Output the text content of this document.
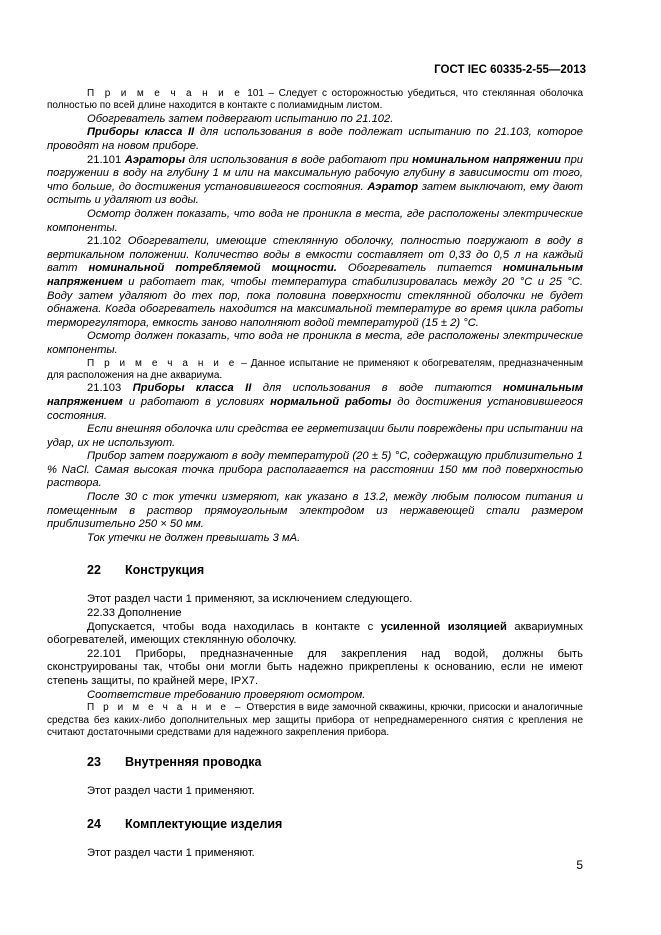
ГОСТ IEC 60335-2-55—2013

П р и м е ч а н и е 101 – Следует с осторожностью убедиться, что стеклянная оболочка полностью по всей длине находится в контакте с полиамидным листом.

Обогреватель затем подвергают испытанию по 21.102.

Приборы класса II для использования в воде подлежат испытанию по 21.103, которое проводят на новом приборе.

21.101 Аэраторы для использования в воде работают при номинальном напряжении при погружении в воду на глубину 1 м или на максимальную рабочую глубину в зависимости от того, что больше, до достижения установившегося состояния. Аэратор затем выключают, ему дают остыть и удаляют из воды.

Осмотр должен показать, что вода не проникла в места, где расположены электрические компоненты.

21.102 Обогреватели, имеющие стеклянную оболочку, полностью погружают в воду в вертикальном положении. Количество воды в емкости составляет от 0,33 до 0,5 л на каждый ватт номинальной потребляемой мощности. Обогреватель питается номинальным напряжением и работает так, чтобы температура стабилизировалась между 20 °C и 25 °C. Воду затем удаляют до тех пор, пока половина поверхности стеклянной оболочки не будет обнажена. Когда обогреватель находится на максимальной температуре во время цикла работы терморегулятора, емкость заново наполняют водой температурой (15 ± 2) °C.

Осмотр должен показать, что вода не проникла в места, где расположены электрические компоненты.

П р и м е ч а н и е – Данное испытание не применяют к обогревателям, предназначенным для расположения на дне аквариума.

21.103 Приборы класса II для использования в воде питаются номинальным напряжением и работают в условиях нормальной работы до достижения установившегося состояния.

Если внешняя оболочка или средства ее герметизации были повреждены при испытании на удар, их не используют.

Прибор затем погружают в воду температурой (20 ± 5) °C, содержащую приблизительно 1 % NaCl. Самая высокая точка прибора располагается на расстоянии 150 мм под поверхностью раствора.

После 30 с ток утечки измеряют, как указано в 13.2, между любым полюсом питания и помещенным в раствор прямоугольным электродом из нержавеющей стали размером приблизительно 250 × 50 мм.

Ток утечки не должен превышать 3 мА.

22	Конструкция

Этот раздел части 1 применяют, за исключением следующего.

22.33 Дополнение

Допускается, чтобы вода находилась в контакте с усиленной изоляцией аквариумных обогревателей, имеющих стеклянную оболочку.

22.101 Приборы, предназначенные для закрепления над водой, должны быть сконструированы так, чтобы они могли быть надежно прикреплены к основанию, если не имеют степень защиты, по крайней мере, IPX7.

Соответствие требованию проверяют осмотром.

П р и м е ч а н и е – Отверстия в виде замочной скважины, крючки, присоски и аналогичные средства без каких-либо дополнительных мер защиты прибора от непреднамеренного снятия с крепления не считают достаточными средствами для надежного закрепления прибора.

23	Внутренняя проводка

Этот раздел части 1 применяют.

24	Комплектующие изделия

Этот раздел части 1 применяют.

5
